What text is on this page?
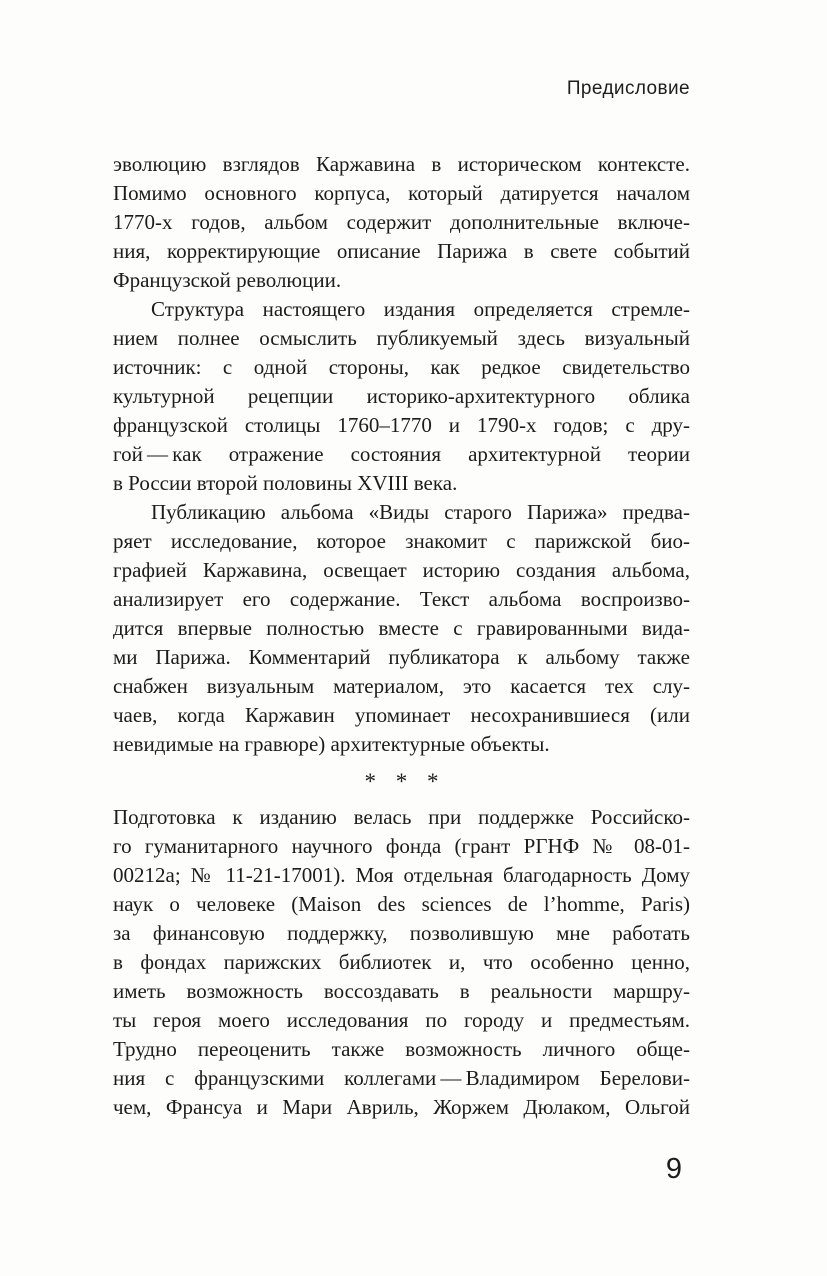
Предисловие
эволюцию взглядов Каржавина в историческом контексте.
Помимо основного корпуса, который датируется началом
1770-х годов, альбом содержит дополнительные включе-
ния, корректирующие описание Парижа в свете событий
Французской революции.
Структура настоящего издания определяется стремле-
нием полнее осмыслить публикуемый здесь визуальный
источник: с одной стороны, как редкое свидетельство
культурной рецепции историко-архитектурного облика
французской столицы 1760–1770 и 1790-х годов; с дру-
гой — как отражение состояния архитектурной теории
в России второй половины XVIII века.
Публикацию альбома «Виды старого Парижа» предва-
ряет исследование, которое знакомит с парижской био-
графией Каржавина, освещает историю создания альбома,
анализирует его содержание. Текст альбома воспроизво-
дится впервые полностью вместе с гравированными вида-
ми Парижа. Комментарий публикатора к альбому также
снабжен визуальным материалом, это касается тех слу-
чаев, когда Каржавин упоминает несохранившиеся (или
невидимые на гравюре) архитектурные объекты.
* * *
Подготовка к изданию велась при поддержке Российско-
го гуманитарного научного фонда (грант РГНФ № 08-01-
00212а; № 11-21-17001). Моя отдельная благодарность Дому
наук о человеке (Maison des sciences de l’homme, Paris)
за финансовую поддержку, позволившую мне работать
в фондах парижских библиотек и, что особенно ценно,
иметь возможность воссоздавать в реальности маршру-
ты героя моего исследования по городу и предместьям.
Трудно переоценить также возможность личного обще-
ния с французскими коллегами — Владимиром Берелови-
чем, Франсуа и Мари Авриль, Жоржем Дюлаком, Ольгой
9
